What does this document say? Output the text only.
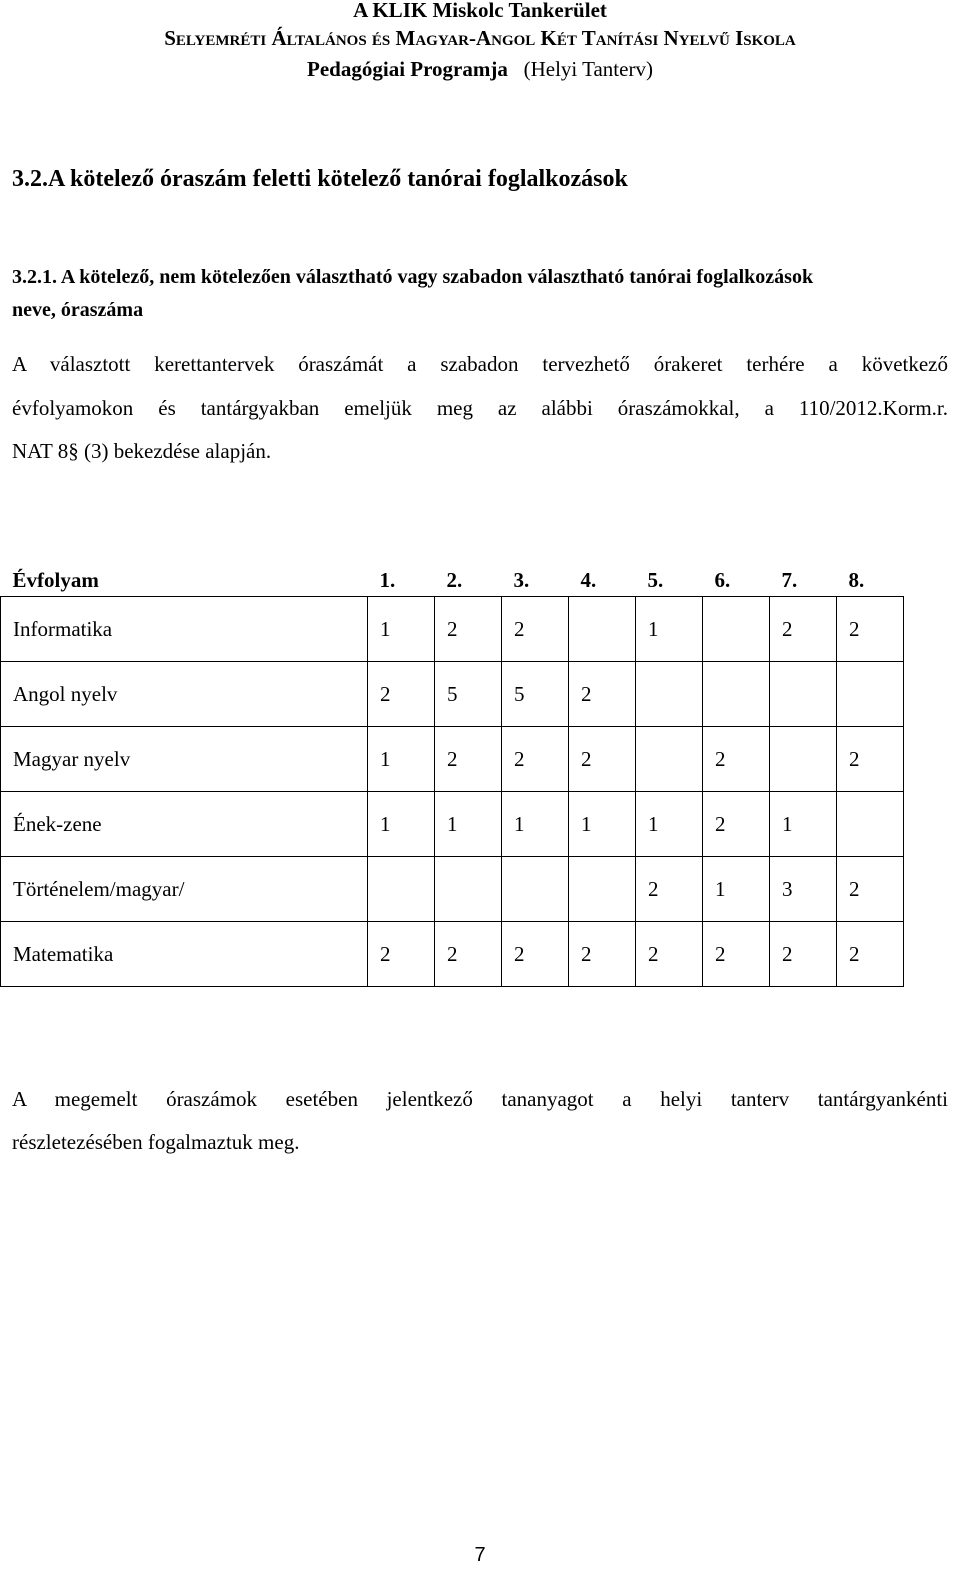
A KLIK Miskolc Tankerület
Selyemréti Általános és Magyar-Angol Két Tanítási Nyelvű Iskola
Pedagógiai Programja (Helyi Tanterv)
3.2.A kötelező óraszám feletti kötelező tanórai foglalkozások
3.2.1. A kötelező, nem kötelezően választható vagy szabadon választható tanórai foglalkozások
neve, óraszáma
A választott kerettantervek óraszámát a szabadon tervezhető órakeret terhére a következő
évfolyamokon és tantárgyakban emeljük meg az alábbi óraszámokkal, a 110/2012.Korm.r.
NAT 8§ (3) bekezdése alapján.
Évfolyam	1.	2.	3.	4.	5.	6.	7.	8.
Informatika	1	2	2		1		2	2
Angol nyelv	2	5	5	2				
Magyar nyelv	1	2	2	2		2		2
Ének-zene	1	1	1	1	1	2	1	
Történelem/magyar/					2	1	3	2
Matematika	2	2	2	2	2	2	2	2
A megemelt óraszámok esetében jelentkező tananyagot a helyi tanterv tantárgyankénti
részletezésében fogalmaztuk meg.
7
